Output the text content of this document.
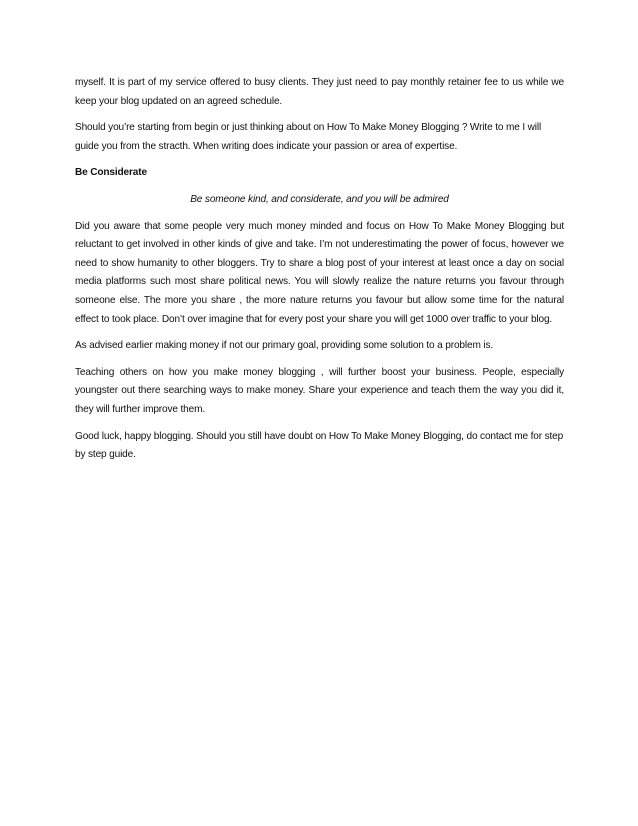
myself. It is part of my service offered to busy clients. They just need to pay monthly retainer fee to us while we keep your blog updated on an agreed schedule.

Should you’re starting from begin or just thinking about on How To Make Money Blogging ? Write to me I will guide you from the stracth. When writing does indicate your passion or area of expertise.

Be Considerate

Be someone kind, and considerate, and you will be admired

Did you aware that some people very much money minded and focus on How To Make Money Blogging but reluctant to get involved in other kinds of give and take. I’m not underestimating the power of focus, however we need to show humanity to other bloggers. Try to share a blog post of your interest at least once a day on social media platforms such most share political news. You will slowly realize the nature returns you favour through someone else. The more you share , the more nature returns you favour but allow some time for the natural effect to took place. Don’t over imagine that for every post your share you will get 1000 over traffic to your blog.

As advised earlier making money if not our primary goal, providing some solution to a problem is.

Teaching others on how you make money blogging , will further boost your business. People, especially youngster out there searching ways to make money. Share your experience and teach them the way you did it, they will further improve them.

Good luck, happy blogging. Should you still have doubt on How To Make Money Blogging, do contact me for step by step guide.
